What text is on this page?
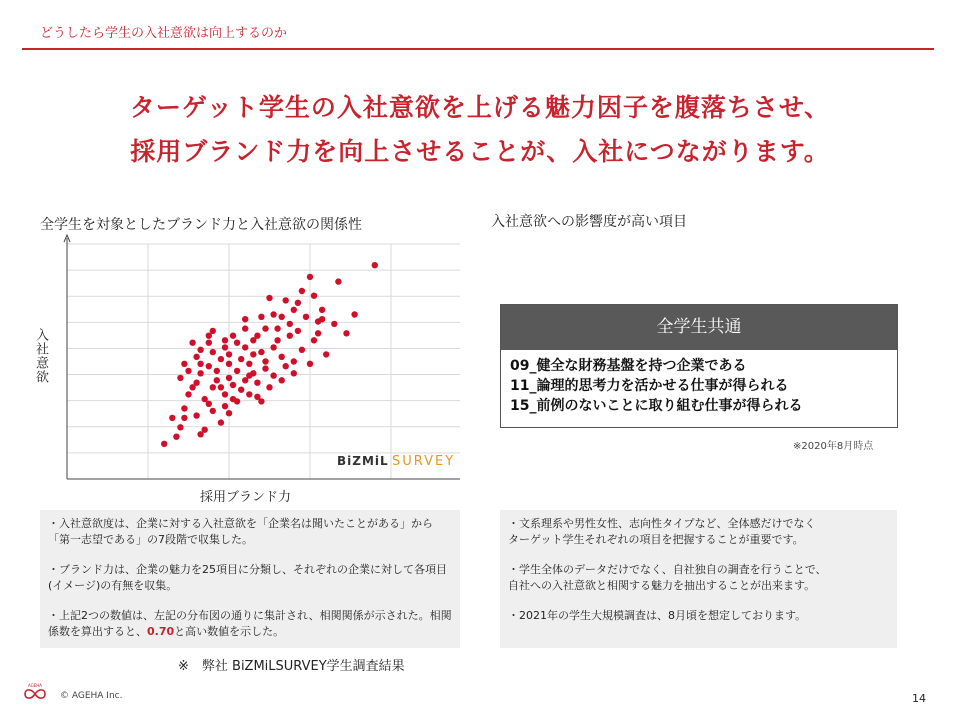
どうしたら学生の入社意欲は向上するのか
ターゲット学生の入社意欲を上げる魅力因子を腹落ちさせ、
採用ブランド力を向上させることが、入社につながります。
全学生を対象としたブランド力と入社意欲の関係性	入社意欲への影響度が高い項目
BiZMiL SURVEY
入社意欲
採用ブランド力
全学生共通
09_健全な財務基盤を持つ企業である
11_論理的思考力を活かせる仕事が得られる
15_前例のないことに取り組む仕事が得られる
※2020年8月時点
・入社意欲度は、企業に対する入社意欲を「企業名は聞いたことがある」から「第一志望である」の7段階で収集した。
・ブランド力は、企業の魅力を25項目に分類し、それぞれの企業に対して各項目(イメージ)の有無を収集。
・上記2つの数値は、左記の分布図の通りに集計され、相関関係が示された。相関係数を算出すると、0.70と高い数値を示した。
・文系理系や男性女性、志向性タイプなど、全体感だけでなく
ターゲット学生それぞれの項目を把握することが重要です。
・学生全体のデータだけでなく、自社独自の調査を行うことで、
自社への入社意欲と相関する魅力を抽出することが出来ます。
・2021年の学生大規模調査は、8月頃を想定しております。
※　弊社 BiZMiLSURVEY学生調査結果
AGEHA
© AGEHA Inc.	14
